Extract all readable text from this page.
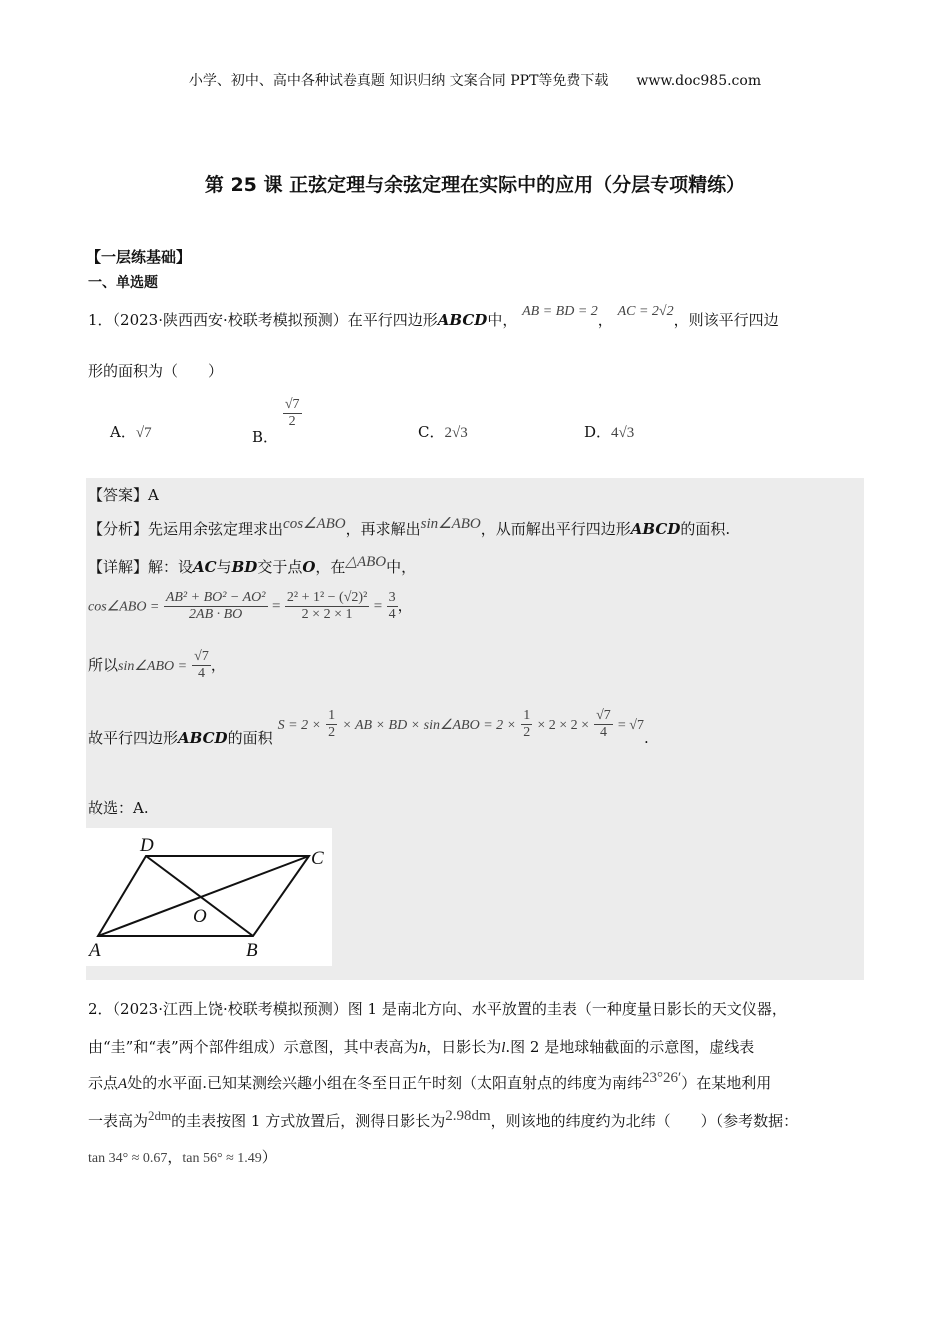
小学、初中、高中各种试卷真题 知识归纳 文案合同 PPT等免费下载　　www.doc985.com
第 25 课 正弦定理与余弦定理在实际中的应用（分层专项精练）
【一层练基础】
一、单选题
1．（2023·陕西西安·校联考模拟预测）在平行四边形ABCD中， AB = BD = 2， AC = 2√2，则该平行四边
形的面积为（　　）
A．√7	B．
$\frac{√7}{2}$
C．2√3	D．4√3
【答案】A
【分析】先运用余弦定理求出cos∠ABO，再求解出sin∠ABO，从而解出平行四边形ABCD的面积.
【详解】解：设AC与BD交于点O，在△ABO中，
cos∠ABO = $\frac{\text{AB² + BO² − AO²}}{2AB \cdot BO} = \frac{\text{2² + 1² − (√2)²}}{2 \times 2 \times 1} = \frac{3}{4}$ ，
所以sin∠ABO = $\frac{√7}{4}$ ，
故平行四边形ABCD的面积 $S = 2 \times \frac{1}{2}$ × AB × BD × sin∠ABO = $2 \times \frac{1}{2} \times 2 \times 2 \times \frac{√7}{4} = √7$.
故选：A.
A	B
C
D
O
2．（2023·江西上饶·校联考模拟预测）图 1 是南北方向、水平放置的圭表（一种度量日影长的天文仪器，
由“圭”和“表”两个部件组成）示意图，其中表高为h，日影长为l.图 2 是地球轴截面的示意图，虚线表
示点A处的水平面.已知某测绘兴趣小组在冬至日正午时刻（太阳直射点的纬度为南纬23°26′）在某地利用
一表高为2dm的圭表按图 1 方式放置后，测得日影长为2.98dm，则该地的纬度约为北纬（　　）（参考数据：
tan 34° ≈ 0.67，tan 56° ≈ 1.49）
